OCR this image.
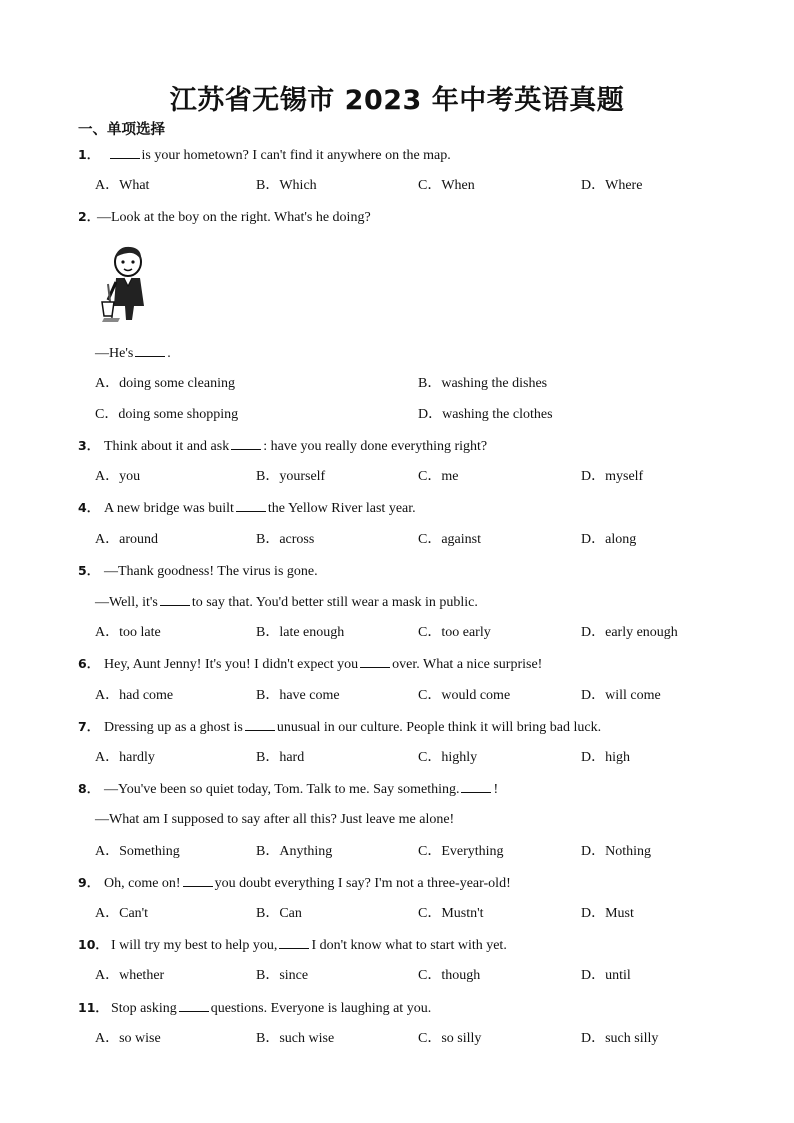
江苏省无锡市 2023 年中考英语真题
一、单项选择
1．	is your hometown? I can't find it anywhere on the map.
A．What	B．Which	C．When	D．Where
2．—Look at the boy on the right. What's he doing?
—He's .
A．doing some cleaning	B．washing the dishes
C．doing some shopping	D．washing the clothes
3． Think about it and ask : have you really done everything right?
A．you	B．yourself	C．me	D．myself
4． A new bridge was built the Yellow River last year.
A．around	B．across	C．against	D．along
5． —Thank goodness! The virus is gone.
—Well, it's to say that. You'd better still wear a mask in public.
A．too late	B．late enough	C．too early	D．early enough
6． Hey, Aunt Jenny! It's you! I didn't expect you over. What a nice surprise!
A．had come	B．have come	C．would come	D．will come
7． Dressing up as a ghost is unusual in our culture. People think it will bring bad luck.
A．hardly	B．hard	C．highly	D．high
8． —You've been so quiet today, Tom. Talk to me. Say something. !
—What am I supposed to say after all this? Just leave me alone!
A．Something	B．Anything	C．Everything	D．Nothing
9． Oh, come on! you doubt everything I say? I'm not a three-year-old!
A．Can't	B．Can	C．Mustn't	D．Must
10． I will try my best to help you, I don't know what to start with yet.
A．whether	B．since	C．though	D．until
11． Stop asking questions. Everyone is laughing at you.
A．so wise	B．such wise	C．so silly	D．such silly
